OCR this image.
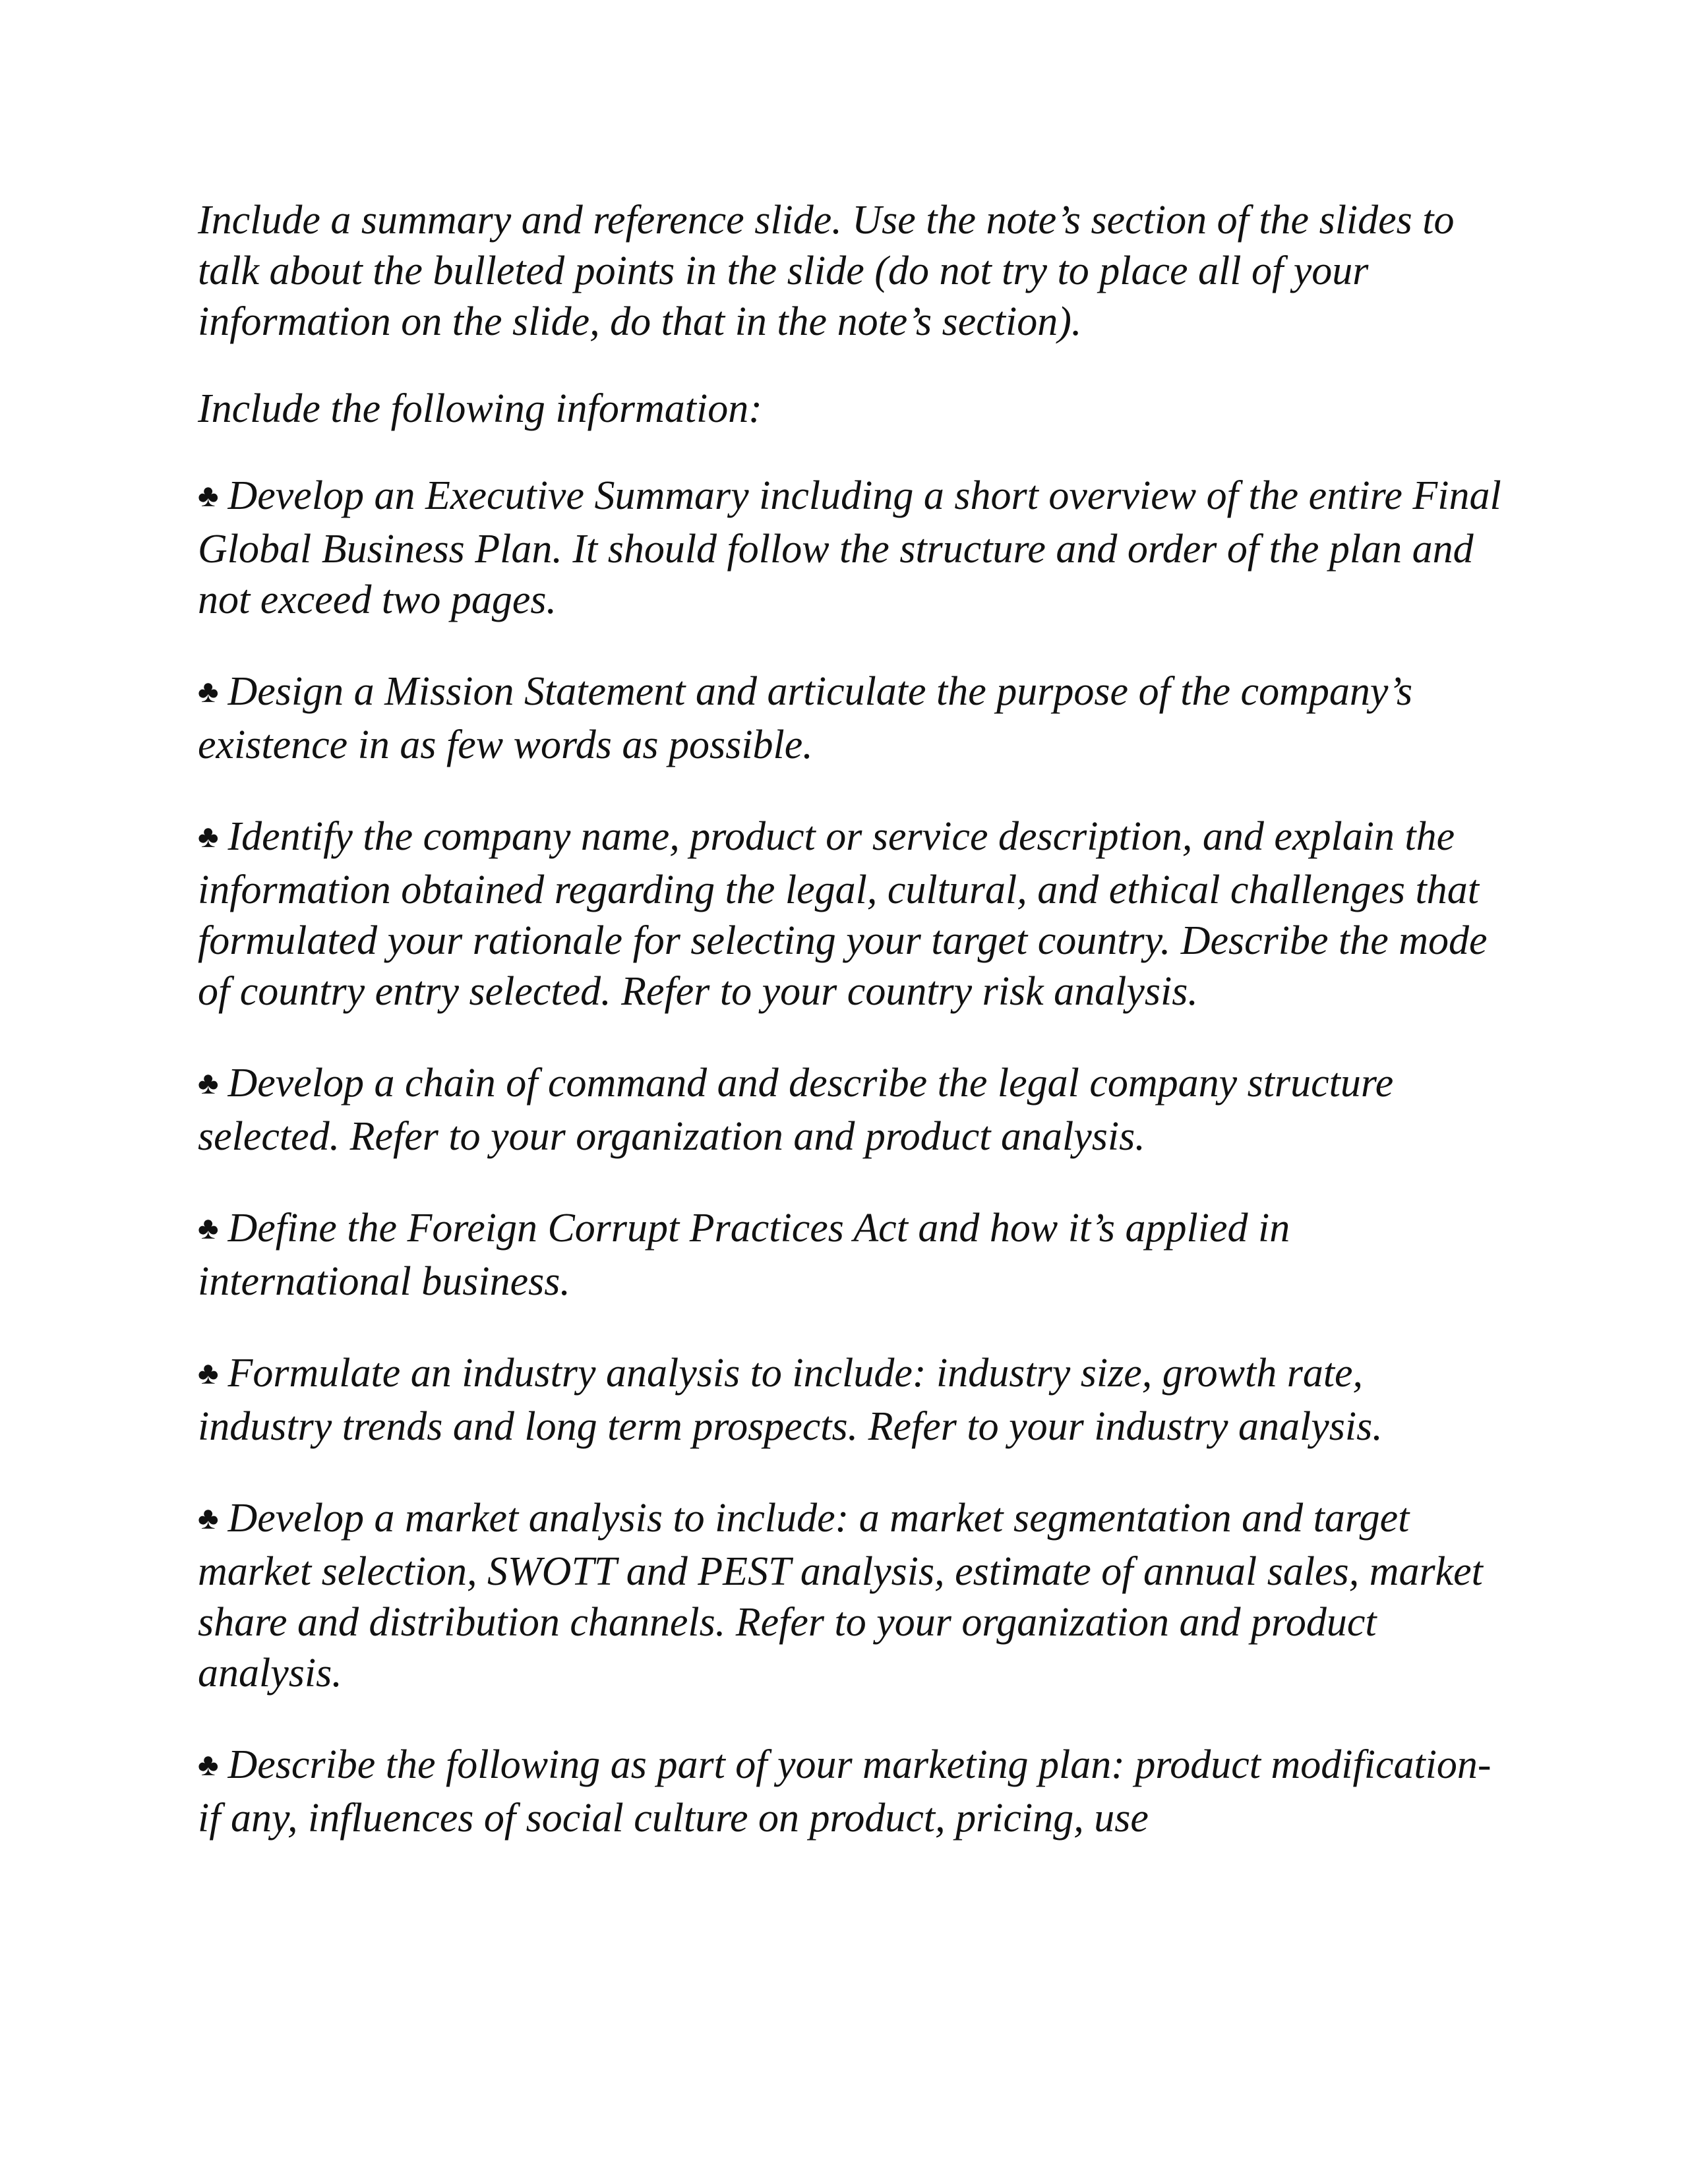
Include a summary and reference slide. Use the note’s section of the slides to talk about the bulleted points in the slide (do not try to place all of your information on the slide, do that in the note’s section).

Include the following information:

♣ Develop an Executive Summary including a short overview of the entire Final Global Business Plan. It should follow the structure and order of the plan and not exceed two pages.

♣ Design a Mission Statement and articulate the purpose of the company’s existence in as few words as possible.

♣ Identify the company name, product or service description, and explain the information obtained regarding the legal, cultural, and ethical challenges that formulated your rationale for selecting your target country. Describe the mode of country entry selected. Refer to your country risk analysis.

♣ Develop a chain of command and describe the legal company structure selected. Refer to your organization and product analysis.

♣ Define the Foreign Corrupt Practices Act and how it’s applied in international business.

♣ Formulate an industry analysis to include: industry size, growth rate, industry trends and long term prospects. Refer to your industry analysis.

♣ Develop a market analysis to include: a market segmentation and target market selection, SWOTT and PEST analysis, estimate of annual sales, market share and distribution channels. Refer to your organization and product analysis.

♣ Describe the following as part of your marketing plan: product modification-if any, influences of social culture on product, pricing, use
